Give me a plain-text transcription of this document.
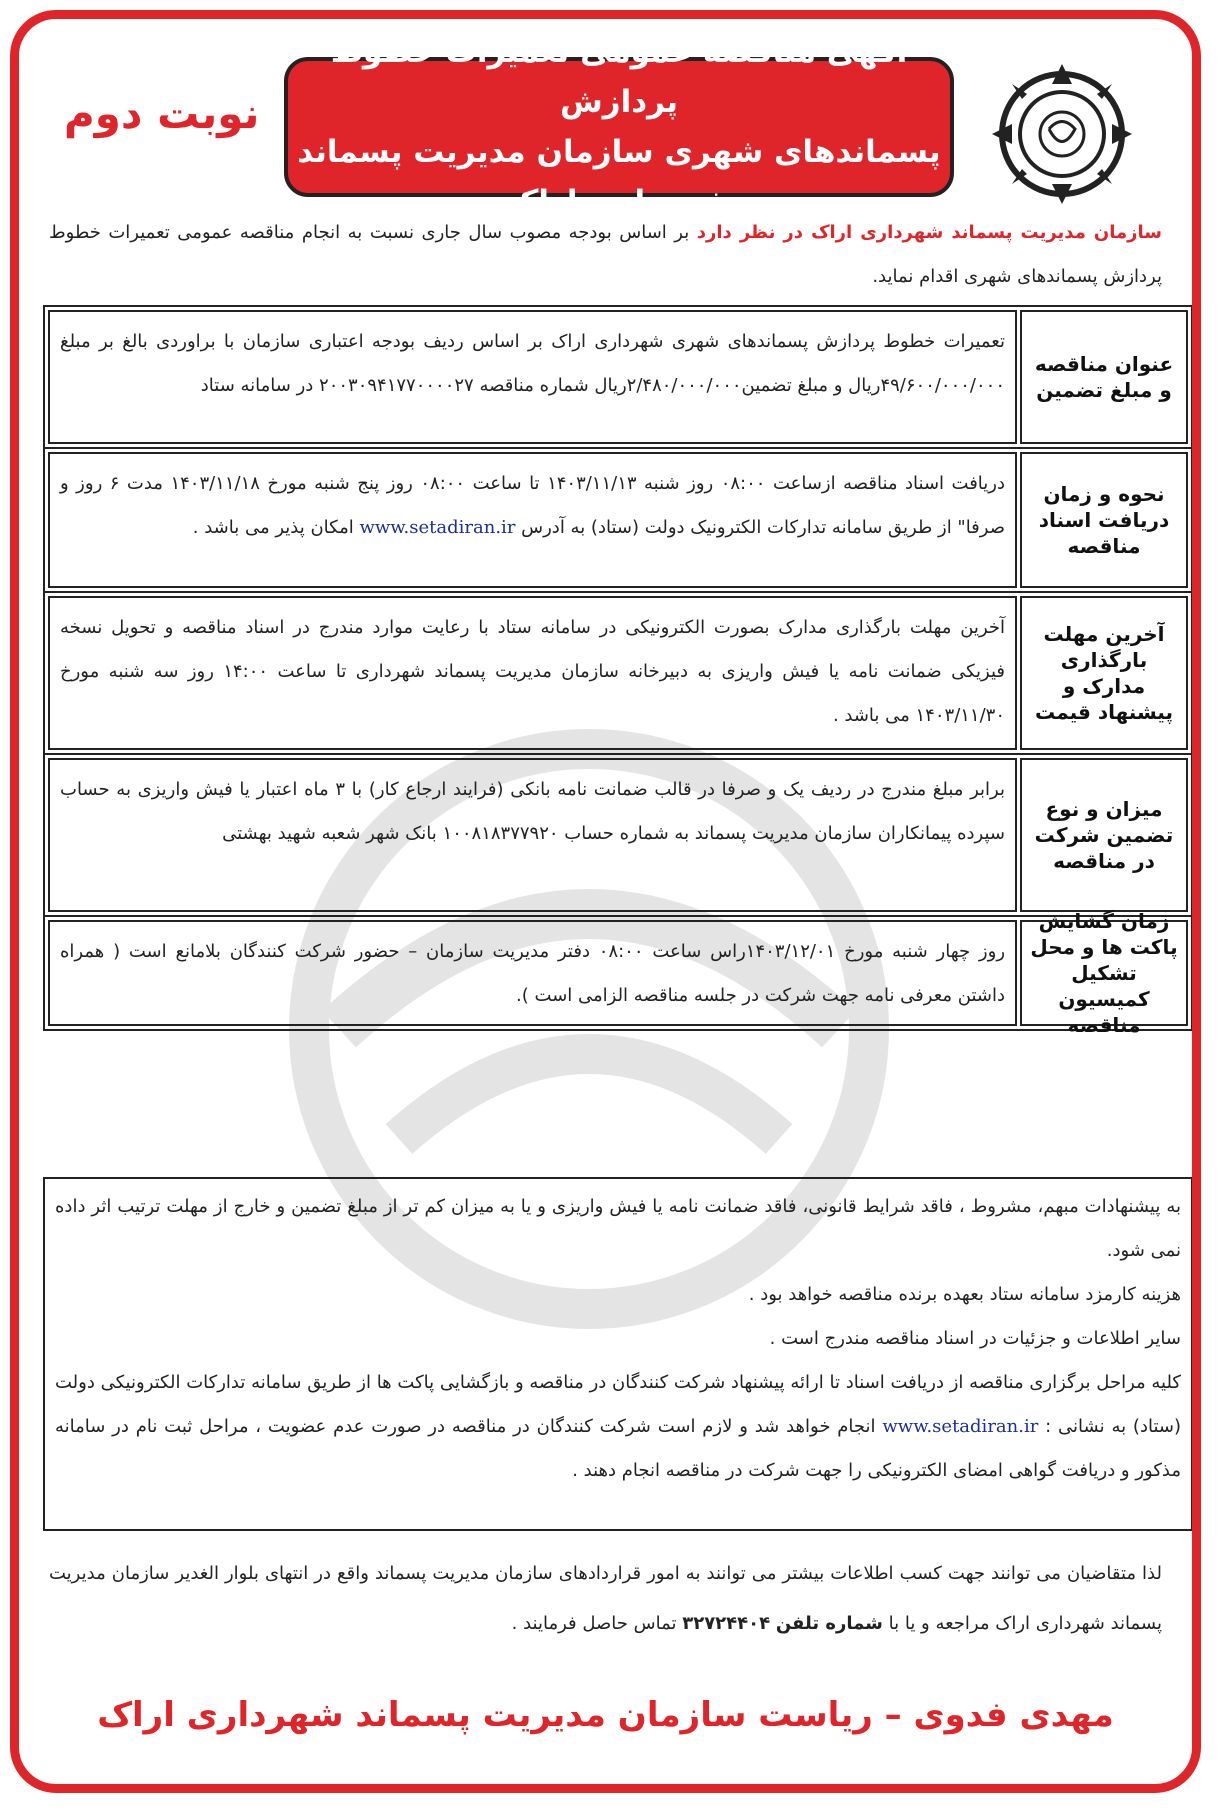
آگهی مناقصه عمومی تعمیرات خطوط پردازش
پسماندهای شهری سازمان مدیریت پسماند شهرداری اراک
نوبت دوم
سازمان مدیریت پسماند شهرداری اراک در نظر دارد بر اساس بودجه مصوب سال جاری نسبت به انجام مناقصه عمومی تعمیرات خطوط پردازش پسماندهای شهری اقدام نماید.
عنوان مناقصه و مبلغ تضمین
تعمیرات خطوط پردازش پسماندهای شهری شهرداری اراک بر اساس ردیف بودجه اعتباری سازمان با براوردی بالغ بر مبلغ ۴۹/۶۰۰/۰۰۰/۰۰۰ریال و مبلغ تضمین۲/۴۸۰/۰۰۰/۰۰۰ریال شماره مناقصه ۲۰۰۳۰۹۴۱۷۷۰۰۰۰۲۷ در سامانه ستاد
نحوه و زمان دریافت اسناد مناقصه
دریافت اسناد مناقصه ازساعت ۰۸:۰۰ روز شنبه ۱۴۰۳/۱۱/۱۳ تا ساعت ۰۸:۰۰ روز پنج شنبه مورخ ۱۴۰۳/۱۱/۱۸ مدت ۶ روز و صرفا" از طریق سامانه تدارکات الکترونیک دولت (ستاد) به آدرس www.setadiran.ir امکان پذیر می باشد .
آخرین مهلت بارگذاری مدارک و پیشنهاد قیمت
آخرین مهلت بارگذاری مدارک بصورت الکترونیکی در سامانه ستاد با رعایت موارد مندرج در اسناد مناقصه و تحویل نسخه فیزیکی ضمانت نامه یا فیش واریزی به دبیرخانه سازمان مدیریت پسماند شهرداری تا ساعت ۱۴:۰۰ روز سه شنبه مورخ ۱۴۰۳/۱۱/۳۰ می باشد .
میزان و نوع تضمین شرکت در مناقصه
برابر مبلغ مندرج در ردیف یک و صرفا در قالب ضمانت نامه بانکی (فرایند ارجاع کار) با ۳ ماه اعتبار یا فیش واریزی به حساب سپرده پیمانکاران سازمان مدیریت پسماند به شماره حساب ۱۰۰۸۱۸۳۷۷۹۲۰ بانک شهر شعبه شهید بهشتی
زمان گشایش پاکت ها و محل تشکیل کمیسیون مناقصه
روز چهار شنبه مورخ ۱۴۰۳/۱۲/۰۱راس ساعت ۰۸:۰۰ دفتر مدیریت سازمان – حضور شرکت کنندگان بلامانع است ( همراه داشتن معرفی نامه جهت شرکت در جلسه مناقصه الزامی است ).

به پیشنهادات مبهم، مشروط ، فاقد شرایط قانونی، فاقد ضمانت نامه یا فیش واریزی و یا به میزان کم تر از مبلغ تضمین و خارج از مهلت ترتیب اثر داده نمی شود.

هزینه کارمزد سامانه ستاد بعهده برنده مناقصه خواهد بود .

سایر اطلاعات و جزئیات در اسناد مناقصه مندرج است .

کلیه مراحل برگزاری مناقصه از دریافت اسناد تا ارائه پیشنهاد شرکت کنندگان در مناقصه و بازگشایی پاکت ها از طریق سامانه تدارکات الکترونیکی دولت (ستاد) به نشانی : www.setadiran.ir انجام خواهد شد و لازم است شرکت کنندگان در مناقصه در صورت عدم عضویت ، مراحل ثبت نام در سامانه مذکور و دریافت گواهی امضای الکترونیکی را جهت شرکت در مناقصه انجام دهند .

لذا متقاضیان می توانند جهت کسب اطلاعات بیشتر می توانند به امور قراردادهای سازمان مدیریت پسماند واقع در انتهای بلوار الغدیر سازمان مدیریت پسماند شهرداری اراک مراجعه و یا با شماره تلفن ۳۲۷۲۴۴۰۴ تماس حاصل فرمایند .
مهدی فدوی – ریاست سازمان مدیریت پسماند شهرداری اراک
